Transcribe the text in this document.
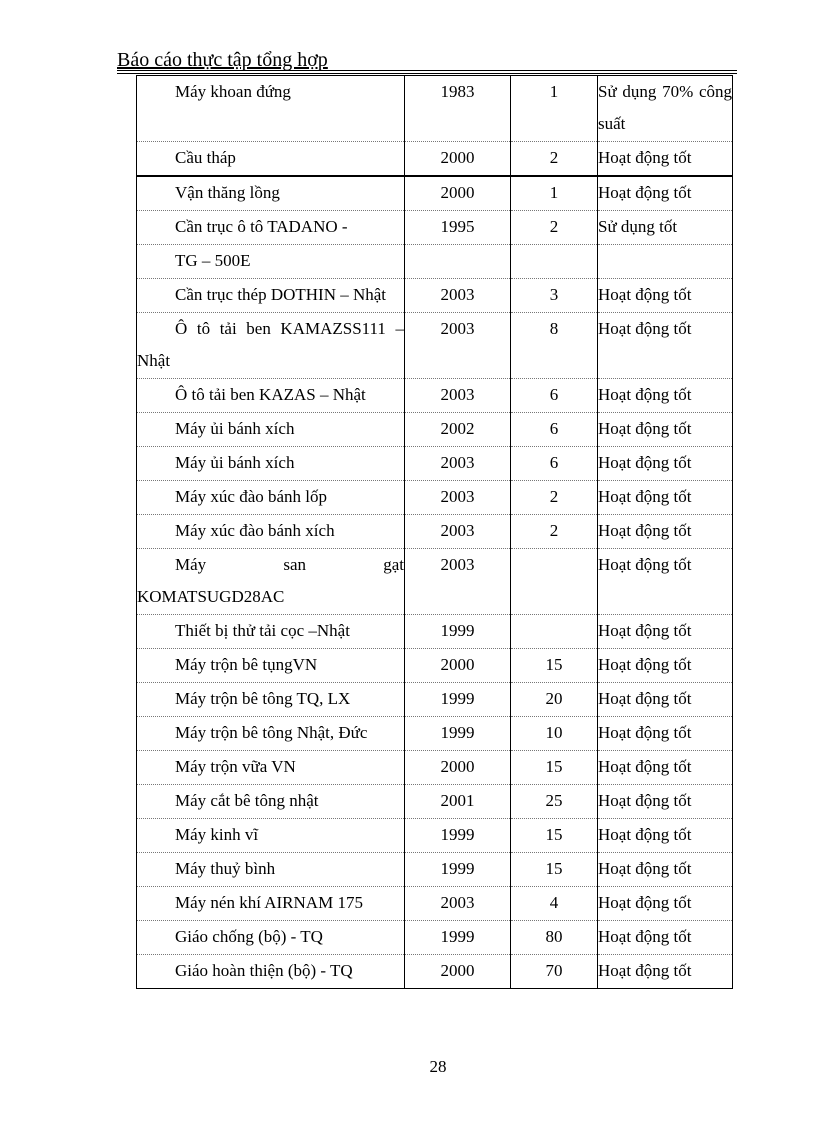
Báo cáo thực tập tổng hợp
Máy khoan đứng	1983	1	Sử dụng 70% công suất
Cầu tháp	2000	2	Hoạt động tốt
Vận thăng lồng	2000	1	Hoạt động tốt
Cần trục ô tô TADANO -	1995	2	Sử dụng tốt
TG – 500E			
Cần trục thép DOTHIN – Nhật	2003	3	Hoạt động tốt
Ô tô tải ben KAMAZSS111 – Nhật	2003	8	Hoạt động tốt
Ô tô tải ben KAZAS – Nhật	2003	6	Hoạt động tốt
Máy ủi bánh xích	2002	6	Hoạt động tốt
Máy ủi bánh xích	2003	6	Hoạt động tốt
Máy xúc đào bánh lốp	2003	2	Hoạt động tốt
Máy xúc đào bánh xích	2003	2	Hoạt động tốt
Máy san gạt KOMATSUGD28AC	2003		Hoạt động tốt
Thiết bị thử tải cọc –Nhật	1999		Hoạt động tốt
Máy trộn bê tụngVN	2000	15	Hoạt động tốt
Máy trộn bê tông TQ, LX	1999	20	Hoạt động tốt
Máy trộn bê tông Nhật, Đức	1999	10	Hoạt động tốt
Máy trộn vữa VN	2000	15	Hoạt động tốt
Máy cắt bê tông nhật	2001	25	Hoạt động tốt
Máy kinh vĩ	1999	15	Hoạt động tốt
Máy thuỷ bình	1999	15	Hoạt động tốt
Máy nén khí AIRNAM 175	2003	4	Hoạt động tốt
Giáo chống (bộ) - TQ	1999	80	Hoạt động tốt
Giáo hoàn thiện (bộ) - TQ	2000	70	Hoạt động tốt
28
